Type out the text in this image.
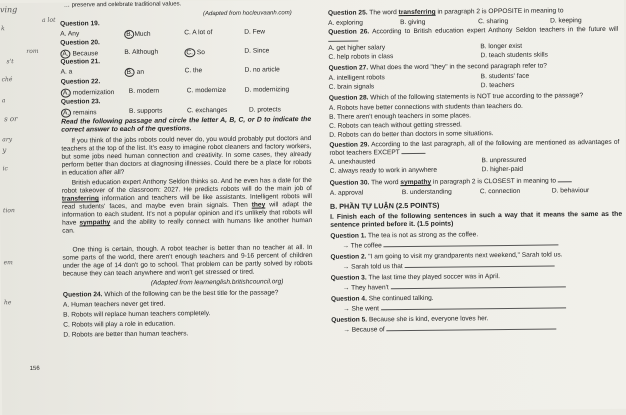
… preserve and celebrate traditional values.
(Adapted from hocleuvaanh.com)
ving
a lot
k
rom
s't
ché
a
s or
ary
y
ic
tion
em
he
Question 19.
A. Any	B. Much	C. A lot of	D. Few
Question 20.
A. Because	B. Although	C. So	D. Since
Question 21.
A. a	B. an	C. the	D. no article
Question 22.
A. modernization B. modern	C. modernize	D. modernizing
Question 23.
A. remains	B. supports	C. exchanges	D. protects
Read the following passage and circle the letter A, B, C, or D to indicate the correct answer to each of the questions.
If you think of the jobs robots could never do, you would probably put doctors and teachers at the top of the list. It's easy to imagine robot cleaners and factory workers, but some jobs need human connection and creativity. In some cases, they already perform better than doctors at diagnosing illnesses. Could there be a place for robots in education after all?
British education expert Anthony Seldon thinks so. And he even has a date for the robot takeover of the classroom: 2027. He predicts robots will do the main job of transferring information and teachers will be like assistants. Intelligent robots will read students' faces, and maybe even brain signals. Then they will adapt the information to each student. It's not a popular opinion and it's unlikely that robots will have sympathy and the ability to really connect with humans like another human can.
One thing is certain, though. A robot teacher is better than no teacher at all. In some parts of the world, there aren't enough teachers and 9-16 percent of children under the age of 14 don't go to school. That problem can be partly solved by robots because they can teach anywhere and won't get stressed or tired.
(Adapted from learnenglish.britishcouncil.org)
Question 24. Which of the following can be the best title for the passage?
A. Human teachers never get tired.
B. Robots will replace human teachers completely.
C. Robots will play a role in education.
D. Robots are better than human teachers.
156
Question 25. The word transferring in paragraph 2 is OPPOSITE in meaning to
A. exploring	B. giving	C. sharing	D. keeping
Question 26. According to British education expert Anthony Seldon teachers in the future will
A. get higher salary	B. longer exist
C. help robots in class	D. teach students skills
Question 27. What does the word "they" in the second paragraph refer to?
A. intelligent robots	B. students' face
C. brain signals	D. teachers
Question 28. Which of the following statements is NOT true according to the passage?
A. Robots have better connections with students than teachers do.
B. There aren't enough teachers in some places.
C. Robots can teach without getting stressed.
D. Robots can do better than doctors in some situations.
Question 29. According to the last paragraph, all of the following are mentioned as advantages of robot teachers EXCEPT
A. unexhausted	B. unpressured
C. always ready to work in anywhere	D. higher-paid
Question 30. The word sympathy in paragraph 2 is CLOSEST in meaning to
A. approval	B. understanding	C. connection	D. behaviour
B. PHẦN TỰ LUẬN (2.5 POINTS)
I. Finish each of the following sentences in such a way that it means the same as the sentence printed before it. (1.5 points)
Question 1. The tea is not as strong as the coffee.
→ The coffee
Question 2. "I am going to visit my grandparents next weekend," Sarah told us.
→ Sarah told us that
Question 3. The last time they played soccer was in April.
→ They haven't
Question 4. She continued talking.
→ She went
Question 5. Because she is kind, everyone loves her.
→ Because of
